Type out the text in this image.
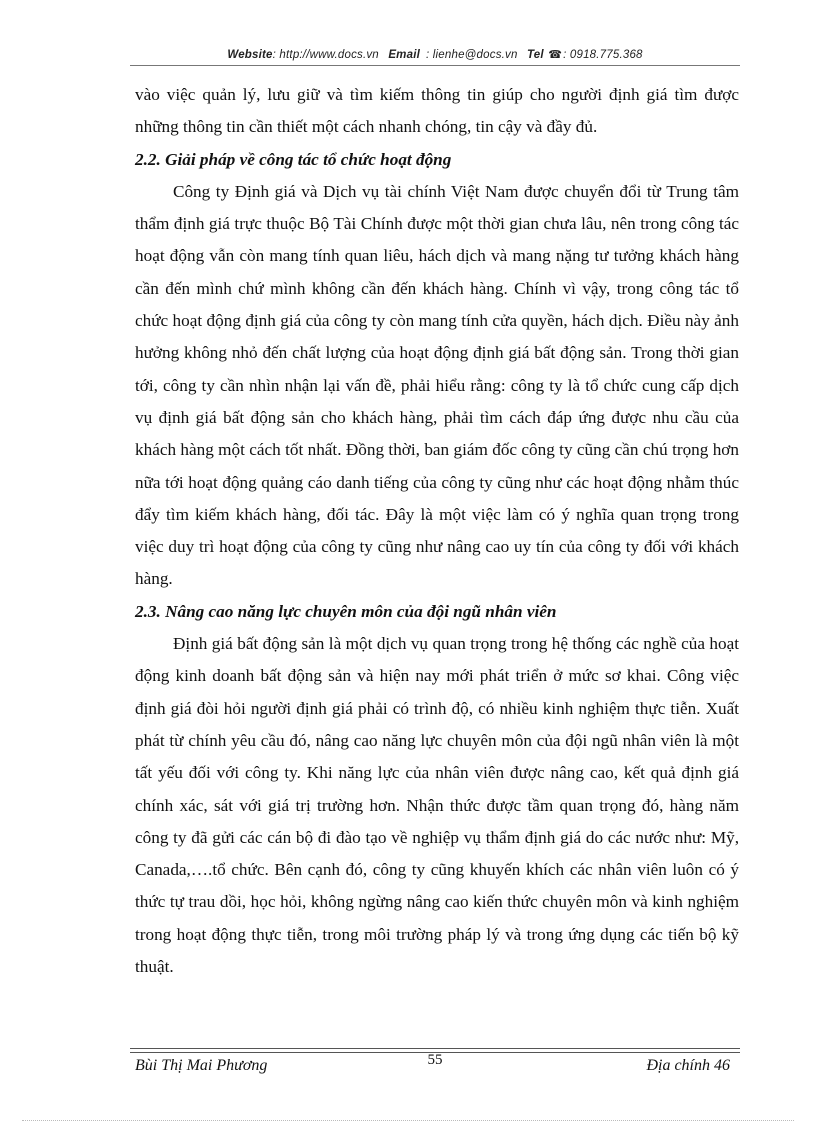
Website: http://www.docs.vn Email : lienhe@docs.vn Tel ☎: 0918.775.368

vào việc quản lý, lưu giữ và tìm kiếm thông tin giúp cho người định giá tìm được những thông tin cần thiết một cách nhanh chóng, tin cậy và đầy đủ.

2.2. Giải pháp về công tác tổ chức hoạt động

Công ty Định giá và Dịch vụ tài chính Việt Nam được chuyển đổi từ Trung tâm thẩm định giá trực thuộc Bộ Tài Chính được một thời gian chưa lâu, nên trong công tác hoạt động vẫn còn mang tính quan liêu, hách dịch và mang nặng tư tưởng khách hàng cần đến mình chứ mình không cần đến khách hàng. Chính vì vậy, trong công tác tổ chức hoạt động định giá của công ty còn mang tính cửa quyền, hách dịch. Điều này ảnh hưởng không nhỏ đến chất lượng của hoạt động định giá bất động sản. Trong thời gian tới, công ty cần nhìn nhận lại vấn đề, phải hiểu rằng: công ty là tổ chức cung cấp dịch vụ định giá bất động sản cho khách hàng, phải tìm cách đáp ứng được nhu cầu của khách hàng một cách tốt nhất. Đồng thời, ban giám đốc công ty cũng cần chú trọng hơn nữa tới hoạt động quảng cáo danh tiếng của công ty cũng như các hoạt động nhằm thúc đẩy tìm kiếm khách hàng, đối tác. Đây là một việc làm có ý nghĩa quan trọng trong việc duy trì hoạt động của công ty cũng như nâng cao uy tín của công ty đối với khách hàng.

2.3. Nâng cao năng lực chuyên môn của đội ngũ nhân viên

Định giá bất động sản là một dịch vụ quan trọng trong hệ thống các nghề của hoạt động kinh doanh bất động sản và hiện nay mới phát triển ở mức sơ khai. Công việc định giá đòi hỏi người định giá phải có trình độ, có nhiều kinh nghiệm thực tiễn. Xuất phát từ chính yêu cầu đó, nâng cao năng lực chuyên môn của đội ngũ nhân viên là một tất yếu đối với công ty. Khi năng lực của nhân viên được nâng cao, kết quả định giá chính xác, sát với giá trị trường hơn. Nhận thức được tầm quan trọng đó, hàng năm công ty đã gửi các cán bộ đi đào tạo về nghiệp vụ thẩm định giá do các nước như: Mỹ, Canada,….tổ chức. Bên cạnh đó, công ty cũng khuyến khích các nhân viên luôn có ý thức tự trau dồi, học hỏi, không ngừng nâng cao kiến thức chuyên môn và kinh nghiệm trong hoạt động thực tiễn, trong môi trường pháp lý và trong ứng dụng các tiến bộ kỹ thuật.

Bùi Thị Mai Phương	55	Địa chính 46
